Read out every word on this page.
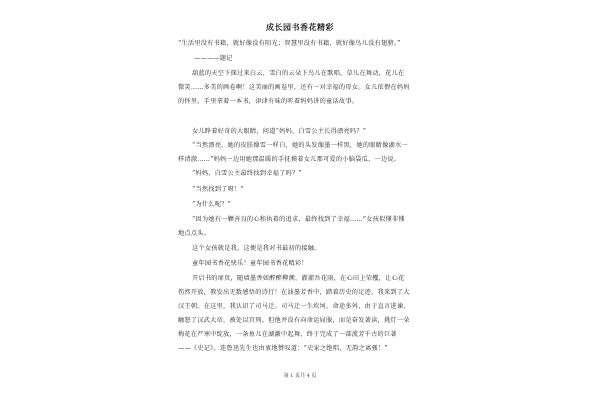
成长园书香花精彩
“生活里没有书籍，就好像没有阳光；智慧里没有书籍，就好像鸟儿没有翅膀。”
————题记
葫蓝的天空下探过来白云，雪白的云朵下鸟儿在歌唱，草儿在舞动，花儿在
微笑……多美的画卷啊！这美丽的画卷里，还有一对幸福的母女。女儿依偎在妈妈
的怀里，手里拿着一本书，津津有味的听着妈妈讲的童话故事。
女儿睁着好奇的大眼睛，问道“妈妈，白雪公主长得漂亮吗？”
“当然漂亮。她的皮肤像雪一样白，她的头发像墨一样黑，她的眼睛像湖水一
样清澈……”妈妈一边用她那温暖的手抚摸着女儿那可爱的小脑袋瓜，一边说。
“妈妈，白雪公主最终找到幸福了吗？”
“当然找到了呀！”
“为什么呢？”
“因为她有一颗善良的心和执着的追求，最终找到了幸福……”女孩似懂非懂
地点点头。
这个女孩就是我，这便是我对书最初的接触。
童年园书香花快乐！童年园书香花精彩！
开启书的扉页，随墙墨香如醉醉柳溯，濯濯吾花雨，在心田上荣攫，让心花
伤然开放，教发出无数感悟的诗行！在油墨芳香中，踏着历史的足迹，我来到了大
汉王朝。在这里，我认识了司马迁。司马迁一生坎坷，命途多舛，由于直言进谏，
触怒了汉武大帝，被处以宫刑。但他并没有向命运屈服，而是奋发著读，挑灯一朵
梅花在严寒中绽放，一条鱼儿在湖激中起舞，终于完成了一部流芳千古的巨著
——《史记》。连鲁迅先生也由衷地赞叹道：“史家之绝唱，无韵之离骚！”
第 1 页共 4 页
